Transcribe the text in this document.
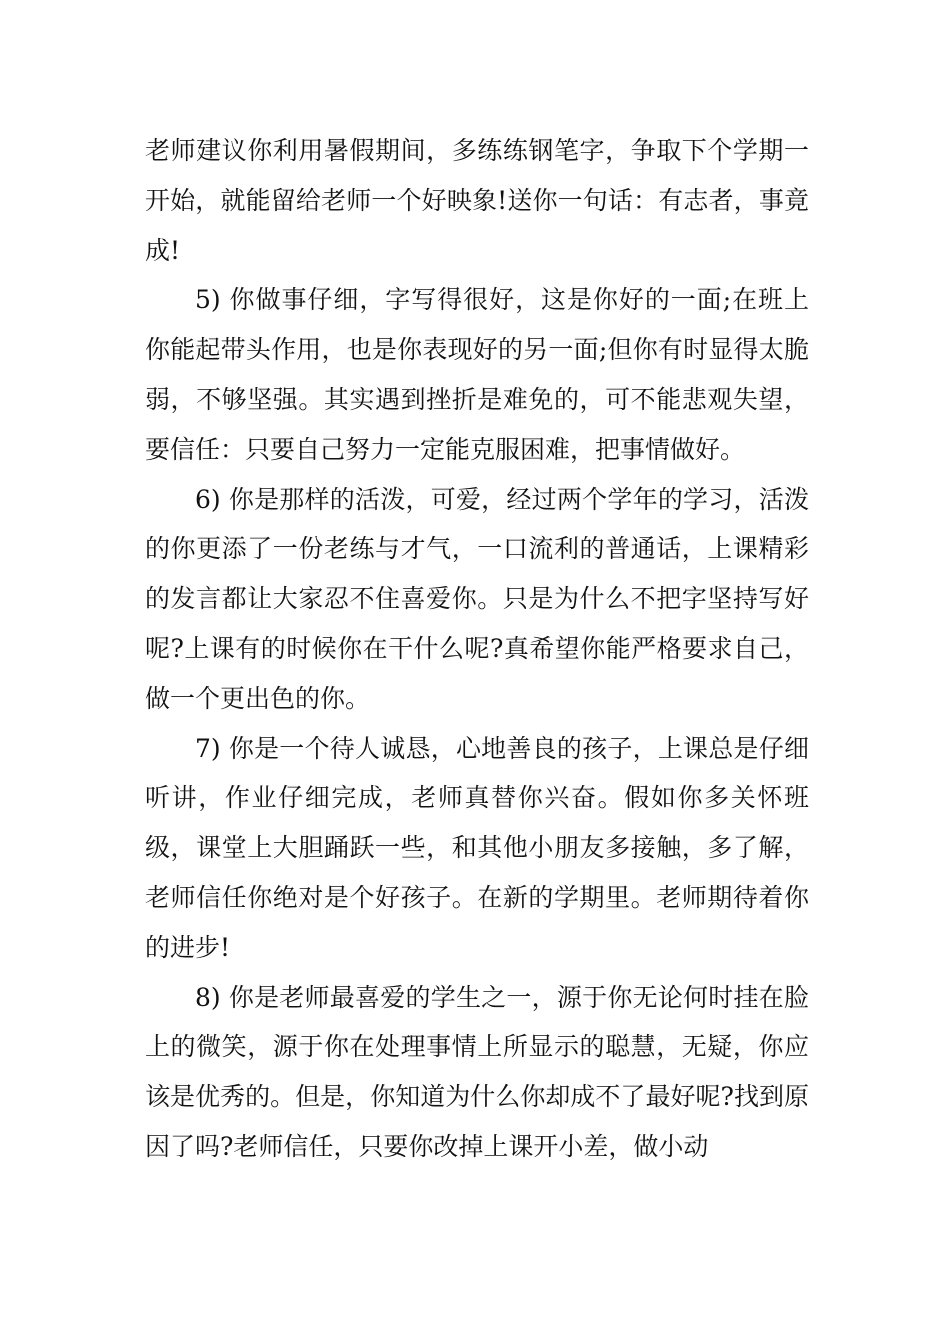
老师建议你利用暑假期间，多练练钢笔字，争取下个学期一开始，就能留给老师一个好映象!送你一句话：有志者，事竟成!

5) 你做事仔细，字写得很好，这是你好的一面;在班上你能起带头作用，也是你表现好的另一面;但你有时显得太脆弱，不够坚强。其实遇到挫折是难免的，可不能悲观失望，要信任：只要自己努力一定能克服困难，把事情做好。

6) 你是那样的活泼，可爱，经过两个学年的学习，活泼的你更添了一份老练与才气，一口流利的普通话，上课精彩的发言都让大家忍不住喜爱你。只是为什么不把字坚持写好呢?上课有的时候你在干什么呢?真希望你能严格要求自己，做一个更出色的你。

7) 你是一个待人诚恳，心地善良的孩子，上课总是仔细听讲，作业仔细完成，老师真替你兴奋。假如你多关怀班级，课堂上大胆踊跃一些，和其他小朋友多接触，多了解，老师信任你绝对是个好孩子。在新的学期里。老师期待着你的进步!

8) 你是老师最喜爱的学生之一，源于你无论何时挂在脸上的微笑，源于你在处理事情上所显示的聪慧，无疑，你应该是优秀的。但是，你知道为什么你却成不了最好呢?找到原因了吗?老师信任，只要你改掉上课开小差，做小动
